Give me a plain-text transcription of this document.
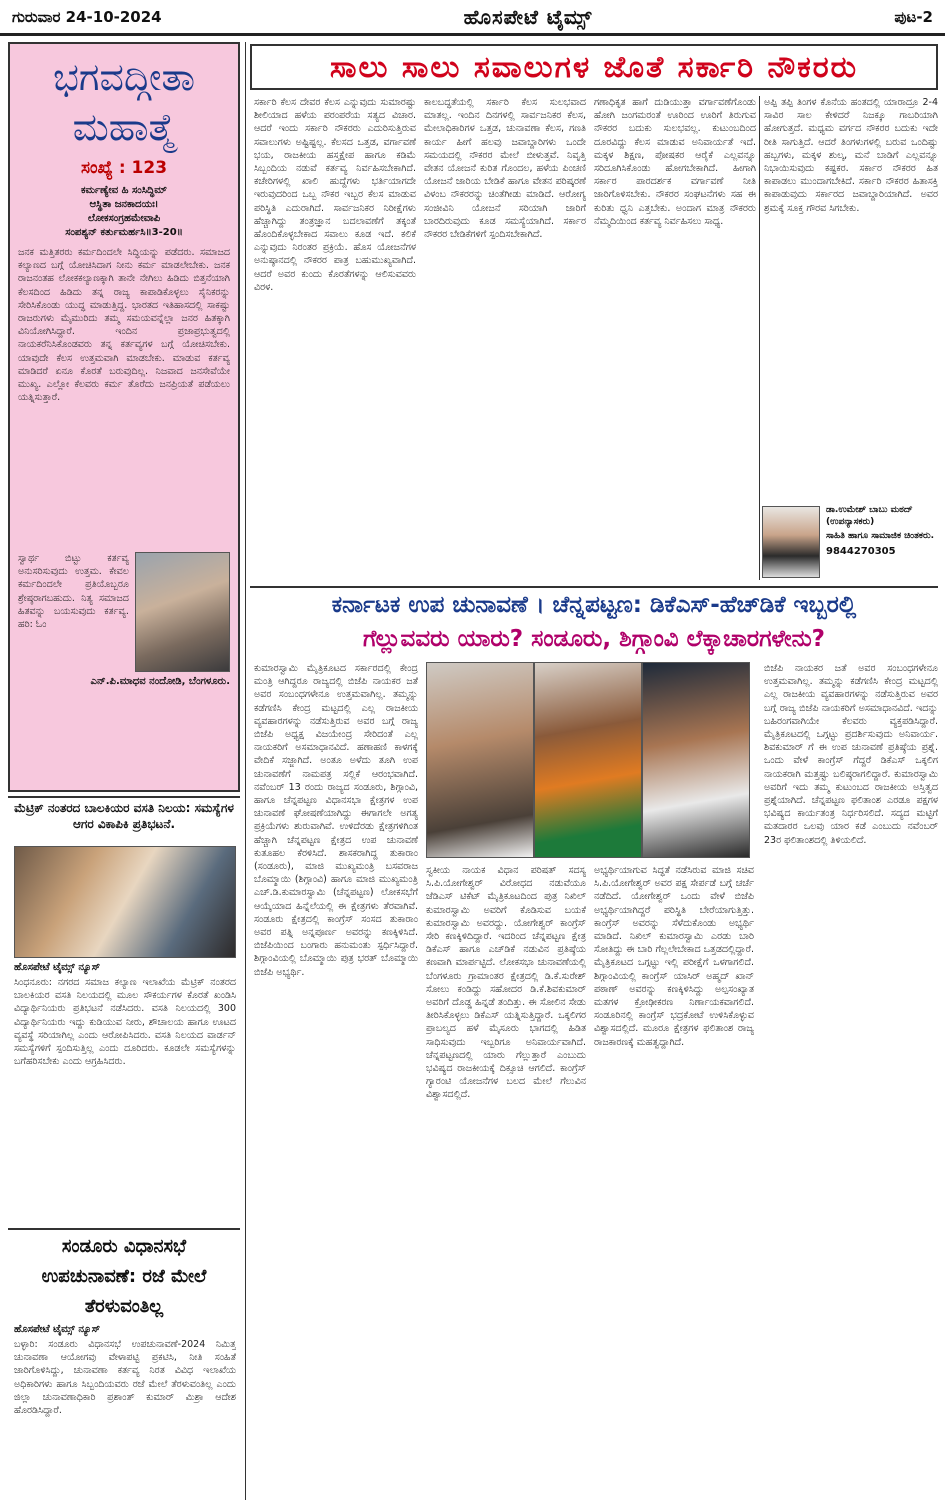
ಗುರುವಾರ 24-10-2024	ಹೊಸಪೇಟೆ ಟೈಮ್ಸ್	ಪುಟ-2
ಭಗವದ್ಗೀತಾ ಮಹಾತ್ಮೆ
ಸಂಖ್ಯೆ : 123
ಕರ್ಮಣ್ಯೇವ ಹಿ ಸಂಸಿದ್ಧಿಮ್
ಆಸ್ಥಿತಾ ಜನಕಾದಯಃ।
ಲೋಕಸಂಗ್ರಹಮೇವಾಪಿ
ಸಂಪಶ್ಯನ್ ಕರ್ತುಮರ್ಹಸಿ॥3-20॥
ಜನಕ ಮತ್ತಿತರರು ಕರ್ಮದಿಂದಲೇ ಸಿದ್ಧಿಯನ್ನು ಪಡೆದರು. ಸಮಾಜದ ಕಲ್ಯಾಣದ ಬಗ್ಗೆ ಯೋಚಿಸಿದಾಗ ನೀನು ಕರ್ಮ ಮಾಡಲೇಬೇಕು. ಜನಕ ರಾಜನಂತಹ ಲೋಕಕಲ್ಯಾಣಕ್ಕಾಗಿ ತಾನೇ ನೇಗಿಲು ಹಿಡಿದು ಬಿತ್ತನೆಯಾಗಿ ಕೆಲಸದಿಂದ ಹಿಡಿದು ತನ್ನ ರಾಜ್ಯ ಕಾಪಾಡಿಕೊಳ್ಳಲು ಸೈನಿಕರನ್ನು ಸೇರಿಸಿಕೊಂಡು ಯುದ್ಧ ಮಾಡುತ್ತಿದ್ದ. ಭಾರತದ ಇತಿಹಾಸದಲ್ಲಿ ಸಾಕಷ್ಟು ರಾಜರುಗಳು ಮೈಮುರಿದು ತಮ್ಮ ಸಮಯವನ್ನೆಲ್ಲಾ ಜನರ ಹಿತಕ್ಕಾಗಿ ವಿನಿಯೋಗಿಸಿದ್ದಾರೆ. ಇಂದಿನ ಪ್ರಜಾಪ್ರಭುತ್ವದಲ್ಲಿ ನಾಯಕರೆನಿಸಿಕೊಂಡವರು ತನ್ನ ಕರ್ತವ್ಯಗಳ ಬಗ್ಗೆ ಯೋಚಿಸಬೇಕು. ಯಾವುದೇ ಕೆಲಸ ಉತ್ತಮವಾಗಿ ಮಾಡಬೇಕು. ಮಾಡುವ ಕರ್ತವ್ಯ ಮಾಡಿದರೆ ಏನೂ ಕೊರತೆ ಬರುವುದಿಲ್ಲ. ನಿಜವಾದ ಜನಸೇವೆಯೇ ಮುಖ್ಯ. ಎಲ್ಲೋ ಕೆಲವರು ಕರ್ಮ ತೊರೆದು ಜನಪ್ರಿಯತೆ ಪಡೆಯಲು ಯತ್ನಿಸುತ್ತಾರೆ.
ಸ್ವಾರ್ಥ ಬಿಟ್ಟು ಕರ್ತವ್ಯ ಅನುಸರಿಸುವುದು ಉತ್ತಮ. ಕೇವಲ ಕರ್ಮದಿಂದಲೇ ಪ್ರತಿಯೊಬ್ಬರೂ ಶ್ರೇಷ್ಠರಾಗಬಹುದು. ನಿತ್ಯ ಸಮಾಜದ ಹಿತವನ್ನು ಬಯಸುವುದು ಕರ್ತವ್ಯ. ಹರಿ: ಓಂ
ಎನ್.ಪಿ.ಮಾಧವ ನಂದೋಡಿ, ಬೆಂಗಳೂರು.
ಮೆಟ್ರಿಕ್ ನಂತರದ ಬಾಲಕಿಯರ ವಸತಿ ನಿಲಯ: ಸಮಸ್ಯೆಗಳ ಆಗರ ವಿಕಾಪಿಕಿ ಪ್ರತಿಭಟನೆ.
ಹೊಸಪೇಟೆ ಟೈಮ್ಸ್ ನ್ಯೂಸ್
ಸಿಂಧನೂರು: ನಗರದ ಸಮಾಜ ಕಲ್ಯಾಣ ಇಲಾಖೆಯ ಮೆಟ್ರಿಕ್ ನಂತರದ ಬಾಲಕಿಯರ ವಸತಿ ನಿಲಯದಲ್ಲಿ ಮೂಲ ಸೌಕರ್ಯಗಳ ಕೊರತೆ ಖಂಡಿಸಿ ವಿದ್ಯಾರ್ಥಿನಿಯರು ಪ್ರತಿಭಟನೆ ನಡೆಸಿದರು. ವಸತಿ ನಿಲಯದಲ್ಲಿ 300 ವಿದ್ಯಾರ್ಥಿನಿಯರು ಇದ್ದು ಕುಡಿಯುವ ನೀರು, ಶೌಚಾಲಯ ಹಾಗೂ ಊಟದ ವ್ಯವಸ್ಥೆ ಸರಿಯಾಗಿಲ್ಲ ಎಂದು ಆರೋಪಿಸಿದರು. ವಸತಿ ನಿಲಯದ ವಾರ್ಡನ್ ಸಮಸ್ಯೆಗಳಿಗೆ ಸ್ಪಂದಿಸುತ್ತಿಲ್ಲ ಎಂದು ದೂರಿದರು. ಕೂಡಲೇ ಸಮಸ್ಯೆಗಳನ್ನು ಬಗೆಹರಿಸಬೇಕು ಎಂದು ಆಗ್ರಹಿಸಿದರು.
ಸಂಡೂರು ವಿಧಾನಸಭೆ
ಉಪಚುನಾವಣೆ: ರಜೆ ಮೇಲೆ
ತೆರಳುವಂತಿಲ್ಲ
ಹೊಸಪೇಟೆ ಟೈಮ್ಸ್ ನ್ಯೂಸ್
ಬಳ್ಳಾರಿ: ಸಂಡೂರು ವಿಧಾನಸಭೆ ಉಪಚುನಾವಣೆ-2024 ನಿಮಿತ್ತ ಚುನಾವಣಾ ಆಯೋಗವು ವೇಳಾಪಟ್ಟಿ ಪ್ರಕಟಿಸಿ, ನೀತಿ ಸಂಹಿತೆ ಜಾರಿಗೊಳಿಸಿದ್ದು, ಚುನಾವಣಾ ಕರ್ತವ್ಯ ನಿರತ ವಿವಿಧ ಇಲಾಖೆಯ ಅಧಿಕಾರಿಗಳು ಹಾಗೂ ಸಿಬ್ಬಂದಿಯವರು ರಜೆ ಮೇಲೆ ತೆರಳುವಂತಿಲ್ಲ ಎಂದು ಜಿಲ್ಲಾ ಚುನಾವಣಾಧಿಕಾರಿ ಪ್ರಶಾಂತ್ ಕುಮಾರ್ ಮಿಶ್ರಾ ಆದೇಶ ಹೊರಡಿಸಿದ್ದಾರೆ.
ಸಾಲು ಸಾಲು ಸವಾಲುಗಳ ಜೊತೆ ಸರ್ಕಾರಿ ನೌಕರರು
ಸರ್ಕಾರಿ ಕೆಲಸ ದೇವರ ಕೆಲಸ ಎನ್ನುವುದು ಸುಮಾರಷ್ಟು ಶೀಲಿಯಾದ ಹಳೆಯ ಪರಂಪರೆಯ ಸತ್ಯದ ವಿಚಾರ. ಆದರೆ ಇಂದು ಸರ್ಕಾರಿ ನೌಕರರು ಎದುರಿಸುತ್ತಿರುವ ಸವಾಲುಗಳು ಅಷ್ಟಿಷ್ಟಲ್ಲ. ಕೆಲಸದ ಒತ್ತಡ, ವರ್ಗಾವಣೆ ಭಯ, ರಾಜಕೀಯ ಹಸ್ತಕ್ಷೇಪ ಹಾಗೂ ಕಡಿಮೆ ಸಿಬ್ಬಂದಿಯ ನಡುವೆ ಕರ್ತವ್ಯ ನಿರ್ವಹಿಸಬೇಕಾಗಿದೆ. ಕಚೇರಿಗಳಲ್ಲಿ ಖಾಲಿ ಹುದ್ದೆಗಳು ಭರ್ತಿಯಾಗದೇ ಇರುವುದರಿಂದ ಒಬ್ಬ ನೌಕರ ಇಬ್ಬರ ಕೆಲಸ ಮಾಡುವ ಪರಿಸ್ಥಿತಿ ಎದುರಾಗಿದೆ. ಸಾರ್ವಜನಿಕರ ನಿರೀಕ್ಷೆಗಳು ಹೆಚ್ಚಾಗಿದ್ದು ತಂತ್ರಜ್ಞಾನ ಬದಲಾವಣೆಗೆ ತಕ್ಕಂತೆ ಹೊಂದಿಕೊಳ್ಳಬೇಕಾದ ಸವಾಲು ಕೂಡ ಇದೆ. ಕಲಿಕೆ ಎನ್ನುವುದು ನಿರಂತರ ಪ್ರಕ್ರಿಯೆ. ಹೊಸ ಯೋಜನೆಗಳ ಅನುಷ್ಠಾನದಲ್ಲಿ ನೌಕರರ ಪಾತ್ರ ಬಹುಮುಖ್ಯವಾಗಿದೆ. ಆದರೆ ಅವರ ಕುಂದು ಕೊರತೆಗಳನ್ನು ಆಲಿಸುವವರು ವಿರಳ.
ಕಾಲಬದ್ಧತೆಯಲ್ಲಿ ಸರ್ಕಾರಿ ಕೆಲಸ ಸುಲಭವಾದ ಮಾತಲ್ಲ. ಇಂದಿನ ದಿನಗಳಲ್ಲಿ ಸಾರ್ವಜನಿಕರ ಕೆಲಸ, ಮೇಲಾಧಿಕಾರಿಗಳ ಒತ್ತಡ, ಚುನಾವಣಾ ಕೆಲಸ, ಗಣತಿ ಕಾರ್ಯ ಹೀಗೆ ಹಲವು ಜವಾಬ್ದಾರಿಗಳು ಒಂದೇ ಸಮಯದಲ್ಲಿ ನೌಕರರ ಮೇಲೆ ಬೀಳುತ್ತವೆ. ನಿವೃತ್ತಿ ವೇತನ ಯೋಜನೆ ಕುರಿತ ಗೊಂದಲ, ಹಳೆಯ ಪಿಂಚಣಿ ಯೋಜನೆ ಜಾರಿಯ ಬೇಡಿಕೆ ಹಾಗೂ ವೇತನ ಪರಿಷ್ಕರಣೆ ವಿಳಂಬ ನೌಕರರನ್ನು ಚಿಂತೆಗೀಡು ಮಾಡಿದೆ. ಆರೋಗ್ಯ ಸಂಜೀವಿನಿ ಯೋಜನೆ ಸರಿಯಾಗಿ ಜಾರಿಗೆ ಬಾರದಿರುವುದು ಕೂಡ ಸಮಸ್ಯೆಯಾಗಿದೆ. ಸರ್ಕಾರ ನೌಕರರ ಬೇಡಿಕೆಗಳಿಗೆ ಸ್ಪಂದಿಸಬೇಕಾಗಿದೆ.
ಗಣಾಧಿಕೃತ ಹಾಗೆ ದುಡಿಯುತ್ತಾ ವರ್ಗಾವಣೆಗೊಂಡು ಹೋಗಿ ಜಂಗಮರಂತೆ ಊರಿಂದ ಊರಿಗೆ ತಿರುಗುವ ನೌಕರರ ಬದುಕು ಸುಲಭವಲ್ಲ. ಕುಟುಂಬದಿಂದ ದೂರವಿದ್ದು ಕೆಲಸ ಮಾಡುವ ಅನಿವಾರ್ಯತೆ ಇದೆ. ಮಕ್ಕಳ ಶಿಕ್ಷಣ, ಪೋಷಕರ ಆರೈಕೆ ಎಲ್ಲವನ್ನೂ ಸರಿದೂಗಿಸಿಕೊಂಡು ಹೋಗಬೇಕಾಗಿದೆ. ಹೀಗಾಗಿ ಸರ್ಕಾರ ಪಾರದರ್ಶಕ ವರ್ಗಾವಣೆ ನೀತಿ ಜಾರಿಗೊಳಿಸಬೇಕು. ನೌಕರರ ಸಂಘಟನೆಗಳು ಸಹ ಈ ಕುರಿತು ಧ್ವನಿ ಎತ್ತಬೇಕು. ಅಂದಾಗ ಮಾತ್ರ ನೌಕರರು ನೆಮ್ಮದಿಯಿಂದ ಕರ್ತವ್ಯ ನಿರ್ವಹಿಸಲು ಸಾಧ್ಯ.
ಅಪ್ಪಿ ತಪ್ಪಿ ತಿಂಗಳ ಕೊನೆಯ ಹಂತದಲ್ಲಿ ಯಾರಾದ್ರೂ 2-4 ಸಾವಿರ ಸಾಲ ಕೇಳಿದರೆ ನಿಜಕ್ಕೂ ಗಾಬರಿಯಾಗಿ ಹೋಗುತ್ತದೆ. ಮಧ್ಯಮ ವರ್ಗದ ನೌಕರರ ಬದುಕು ಇದೇ ರೀತಿ ಸಾಗುತ್ತಿದೆ. ಆದರೆ ತಿಂಗಳುಗಳಲ್ಲಿ ಬರುವ ಒಂದಿಷ್ಟು ಹಬ್ಬಗಳು, ಮಕ್ಕಳ ಶುಲ್ಕ, ಮನೆ ಬಾಡಿಗೆ ಎಲ್ಲವನ್ನೂ ನಿಭಾಯಿಸುವುದು ಕಷ್ಟಕರ. ಸರ್ಕಾರ ನೌಕರರ ಹಿತ ಕಾಪಾಡಲು ಮುಂದಾಗಬೇಕಿದೆ. ಸರ್ಕಾರಿ ನೌಕರರ ಹಿತಾಸಕ್ತಿ ಕಾಪಾಡುವುದು ಸರ್ಕಾರದ ಜವಾಬ್ದಾರಿಯಾಗಿದೆ. ಅವರ ಶ್ರಮಕ್ಕೆ ಸೂಕ್ತ ಗೌರವ ಸಿಗಬೇಕು.
ಡಾ.ಉಮೇಶ್ ಬಾಬು ಮಠದ್ (ಉಪನ್ಯಾಸಕರು)
ಸಾಹಿತಿ ಹಾಗೂ ಸಾಮಾಜಿಕ ಚಿಂತಕರು.
9844270305
ಕರ್ನಾಟಕ ಉಪ ಚುನಾವಣೆ । ಚೆನ್ನಪಟ್ಟಣ: ಡಿಕೆಎಸ್-ಹೆಚ್‌ಡಿಕೆ ಇಬ್ಬರಲ್ಲಿ
ಗೆಲ್ಲುವವರು ಯಾರು? ಸಂಡೂರು, ಶಿಗ್ಗಾಂವಿ ಲೆಕ್ಕಾಚಾರಗಳೇನು?
ಕುಮಾರಸ್ವಾಮಿ ಮೈತ್ರಿಕೂಟದ ಸರ್ಕಾರದಲ್ಲಿ ಕೇಂದ್ರ ಮಂತ್ರಿ ಆಗಿದ್ದರೂ ರಾಜ್ಯದಲ್ಲಿ ಬಿಜೆಪಿ ನಾಯಕರ ಜತೆ ಅವರ ಸಂಬಂಧಗಳೇನೂ ಉತ್ತಮವಾಗಿಲ್ಲ. ತಮ್ಮನ್ನು ಕಡೆಗಣಿಸಿ ಕೇಂದ್ರ ಮಟ್ಟದಲ್ಲಿ ಎಲ್ಲ ರಾಜಕೀಯ ವ್ಯವಹಾರಗಳನ್ನು ನಡೆಸುತ್ತಿರುವ ಅವರ ಬಗ್ಗೆ ರಾಜ್ಯ ಬಿಜೆಪಿ ಅಧ್ಯಕ್ಷ ವಿಜಯೇಂದ್ರ ಸೇರಿದಂತೆ ಎಲ್ಲ ನಾಯಕರಿಗೆ ಅಸಮಾಧಾನವಿದೆ. ಹಣಾಹಣಿ ಕಾಳಗಕ್ಕೆ ವೇದಿಕೆ ಸಜ್ಜಾಗಿದೆ. ಅಂತೂ ಅಳೆದು ತೂಗಿ ಉಪ ಚುನಾವಣೆಗೆ ನಾಮಪತ್ರ ಸಲ್ಲಿಕೆ ಆರಂಭವಾಗಿದೆ. ನವೆಂಬರ್ 13 ರಂದು ರಾಜ್ಯದ ಸಂಡೂರು, ಶಿಗ್ಗಾಂವಿ, ಹಾಗೂ ಚೆನ್ನಪಟ್ಟಣ ವಿಧಾನಸಭಾ ಕ್ಷೇತ್ರಗಳ ಉಪ ಚುನಾವಣೆ ಘೋಷಣೆಯಾಗಿದ್ದು ಈಗಾಗಲೇ ಅಗತ್ಯ ಪ್ರಕ್ರಿಯೆಗಳು ಶುರುವಾಗಿವೆ. ಉಳಿದೆರಡು ಕ್ಷೇತ್ರಗಳಿಗಿಂತ ಹೆಚ್ಚಾಗಿ ಚೆನ್ನಪಟ್ಟಣ ಕ್ಷೇತ್ರದ ಉಪ ಚುನಾವಣೆ ಕುತೂಹಲ ಕೆರಳಿಸಿದೆ. ಶಾಸಕರಾಗಿದ್ದ ತುಕಾರಾಂ (ಸಂಡೂರು), ಮಾಜಿ ಮುಖ್ಯಮಂತ್ರಿ ಬಸವರಾಜ ಬೊಮ್ಮಾಯಿ (ಶಿಗ್ಗಾಂವಿ) ಹಾಗೂ ಮಾಜಿ ಮುಖ್ಯಮಂತ್ರಿ ಎಚ್.ಡಿ.ಕುಮಾರಸ್ವಾಮಿ (ಚೆನ್ನಪಟ್ಟಣ) ಲೋಕಸಭೆಗೆ ಆಯ್ಕೆಯಾದ ಹಿನ್ನೆಲೆಯಲ್ಲಿ ಈ ಕ್ಷೇತ್ರಗಳು ತೆರವಾಗಿವೆ. ಸಂಡೂರು ಕ್ಷೇತ್ರದಲ್ಲಿ ಕಾಂಗ್ರೆಸ್ ಸಂಸದ ತುಕಾರಾಂ ಅವರ ಪತ್ನಿ ಅನ್ನಪೂರ್ಣ ಅವರನ್ನು ಕಣಕ್ಕಿಳಿಸಿದೆ. ಬಿಜೆಪಿಯಿಂದ ಬಂಗಾರು ಹನುಮಂತು ಸ್ಪರ್ಧಿಸಿದ್ದಾರೆ. ಶಿಗ್ಗಾಂವಿಯಲ್ಲಿ ಬೊಮ್ಮಾಯಿ ಪುತ್ರ ಭರತ್ ಬೊಮ್ಮಾಯಿ ಬಿಜೆಪಿ ಅಭ್ಯರ್ಥಿ.
ಸ್ವಕೀಯ ನಾಯಕ ವಿಧಾನ ಪರಿಷತ್ ಸದಸ್ಯ ಸಿ.ಪಿ.ಯೋಗೇಶ್ವರ್ ವಿರೋಧದ ನಡುವೆಯೂ ಜೆಡಿಎಸ್ ಟಿಕೆಟ್ ಮೈತ್ರಿಕೂಟದಿಂದ ಪುತ್ರ ನಿಖಿಲ್ ಕುಮಾರಸ್ವಾಮಿ ಅವರಿಗೆ ಕೊಡಿಸುವ ಬಯಕೆ ಕುಮಾರಸ್ವಾಮಿ ಅವರದ್ದು. ಯೋಗೇಶ್ವರ್ ಕಾಂಗ್ರೆಸ್ ಸೇರಿ ಕಣಕ್ಕಿಳಿದಿದ್ದಾರೆ. ಇದರಿಂದ ಚೆನ್ನಪಟ್ಟಣ ಕ್ಷೇತ್ರ ಡಿಕೆಎಸ್ ಹಾಗೂ ಎಚ್‌ಡಿಕೆ ನಡುವಿನ ಪ್ರತಿಷ್ಠೆಯ ಕಣವಾಗಿ ಮಾರ್ಪಟ್ಟಿದೆ. ಲೋಕಸಭಾ ಚುನಾವಣೆಯಲ್ಲಿ ಬೆಂಗಳೂರು ಗ್ರಾಮಾಂತರ ಕ್ಷೇತ್ರದಲ್ಲಿ ಡಿ.ಕೆ.ಸುರೇಶ್ ಸೋಲು ಕಂಡಿದ್ದು ಸಹೋದರ ಡಿ.ಕೆ.ಶಿವಕುಮಾರ್ ಅವರಿಗೆ ದೊಡ್ಡ ಹಿನ್ನಡೆ ತಂದಿತ್ತು. ಈ ಸೋಲಿನ ಸೇಡು ತೀರಿಸಿಕೊಳ್ಳಲು ಡಿಕೆಎಸ್ ಯತ್ನಿಸುತ್ತಿದ್ದಾರೆ. ಒಕ್ಕಲಿಗರ ಪ್ರಾಬಲ್ಯದ ಹಳೆ ಮೈಸೂರು ಭಾಗದಲ್ಲಿ ಹಿಡಿತ ಸಾಧಿಸುವುದು ಇಬ್ಬರಿಗೂ ಅನಿವಾರ್ಯವಾಗಿದೆ. ಚೆನ್ನಪಟ್ಟಣದಲ್ಲಿ ಯಾರು ಗೆಲ್ಲುತ್ತಾರೆ ಎಂಬುದು ಭವಿಷ್ಯದ ರಾಜಕೀಯಕ್ಕೆ ದಿಕ್ಸೂಚಿ ಆಗಲಿದೆ. ಕಾಂಗ್ರೆಸ್ ಗ್ಯಾರಂಟಿ ಯೋಜನೆಗಳ ಬಲದ ಮೇಲೆ ಗೆಲುವಿನ ವಿಶ್ವಾಸದಲ್ಲಿದೆ.
ಅಭ್ಯರ್ಥಿಯಾಗುವ ಸಿದ್ಧತೆ ನಡೆಸಿರುವ ಮಾಜಿ ಸಚಿವ ಸಿ.ಪಿ.ಯೋಗೇಶ್ವರ್ ಅವರ ಪಕ್ಷ ಸೇರ್ಪಡೆ ಬಗ್ಗೆ ಚರ್ಚೆ ನಡೆದಿದೆ. ಯೋಗೇಶ್ವರ್ ಒಂದು ವೇಳೆ ಬಿಜೆಪಿ ಅಭ್ಯರ್ಥಿಯಾಗಿದ್ದರೆ ಪರಿಸ್ಥಿತಿ ಬೇರೆಯಾಗುತ್ತಿತ್ತು. ಕಾಂಗ್ರೆಸ್ ಅವರನ್ನು ಸೆಳೆದುಕೊಂಡು ಅಭ್ಯರ್ಥಿ ಮಾಡಿದೆ. ನಿಖಿಲ್ ಕುಮಾರಸ್ವಾಮಿ ಎರಡು ಬಾರಿ ಸೋತಿದ್ದು ಈ ಬಾರಿ ಗೆಲ್ಲಲೇಬೇಕಾದ ಒತ್ತಡದಲ್ಲಿದ್ದಾರೆ. ಮೈತ್ರಿಕೂಟದ ಒಗ್ಗಟ್ಟು ಇಲ್ಲಿ ಪರೀಕ್ಷೆಗೆ ಒಳಗಾಗಲಿದೆ. ಶಿಗ್ಗಾಂವಿಯಲ್ಲಿ ಕಾಂಗ್ರೆಸ್ ಯಾಸಿರ್ ಅಹ್ಮದ್ ಖಾನ್ ಪಠಾಣ್ ಅವರನ್ನು ಕಣಕ್ಕಿಳಿಸಿದ್ದು ಅಲ್ಪಸಂಖ್ಯಾತ ಮತಗಳ ಕ್ರೋಢೀಕರಣ ನಿರ್ಣಾಯಕವಾಗಲಿದೆ. ಸಂಡೂರಿನಲ್ಲಿ ಕಾಂಗ್ರೆಸ್ ಭದ್ರಕೋಟೆ ಉಳಿಸಿಕೊಳ್ಳುವ ವಿಶ್ವಾಸದಲ್ಲಿದೆ. ಮೂರೂ ಕ್ಷೇತ್ರಗಳ ಫಲಿತಾಂಶ ರಾಜ್ಯ ರಾಜಕಾರಣಕ್ಕೆ ಮಹತ್ವದ್ದಾಗಿದೆ.
ಬಿಜೆಪಿ ನಾಯಕರ ಜತೆ ಅವರ ಸಂಬಂಧಗಳೇನೂ ಉತ್ತಮವಾಗಿಲ್ಲ. ತಮ್ಮನ್ನು ಕಡೆಗಣಿಸಿ ಕೇಂದ್ರ ಮಟ್ಟದಲ್ಲಿ ಎಲ್ಲ ರಾಜಕೀಯ ವ್ಯವಹಾರಗಳನ್ನು ನಡೆಸುತ್ತಿರುವ ಅವರ ಬಗ್ಗೆ ರಾಜ್ಯ ಬಿಜೆಪಿ ನಾಯಕರಿಗೆ ಅಸಮಾಧಾನವಿದೆ. ಇದನ್ನು ಬಹಿರಂಗವಾಗಿಯೇ ಕೆಲವರು ವ್ಯಕ್ತಪಡಿಸಿದ್ದಾರೆ. ಮೈತ್ರಿಕೂಟದಲ್ಲಿ ಒಗ್ಗಟ್ಟು ಪ್ರದರ್ಶಿಸುವುದು ಅನಿವಾರ್ಯ. ಶಿವಕುಮಾರ್ ಗೆ ಈ ಉಪ ಚುನಾವಣೆ ಪ್ರತಿಷ್ಠೆಯ ಪ್ರಶ್ನೆ. ಒಂದು ವೇಳೆ ಕಾಂಗ್ರೆಸ್ ಗೆದ್ದರೆ ಡಿಕೆಎಸ್ ಒಕ್ಕಲಿಗ ನಾಯಕರಾಗಿ ಮತ್ತಷ್ಟು ಬಲಿಷ್ಠರಾಗಲಿದ್ದಾರೆ. ಕುಮಾರಸ್ವಾಮಿ ಅವರಿಗೆ ಇದು ತಮ್ಮ ಕುಟುಂಬದ ರಾಜಕೀಯ ಅಸ್ತಿತ್ವದ ಪ್ರಶ್ನೆಯಾಗಿದೆ. ಚೆನ್ನಪಟ್ಟಣ ಫಲಿತಾಂಶ ಎರಡೂ ಪಕ್ಷಗಳ ಭವಿಷ್ಯದ ಕಾರ್ಯತಂತ್ರ ನಿರ್ಧರಿಸಲಿದೆ. ಸದ್ಯದ ಮಟ್ಟಿಗೆ ಮತದಾರರ ಒಲವು ಯಾರ ಕಡೆ ಎಂಬುದು ನವೆಂಬರ್ 23ರ ಫಲಿತಾಂಶದಲ್ಲಿ ತಿಳಿಯಲಿದೆ.
